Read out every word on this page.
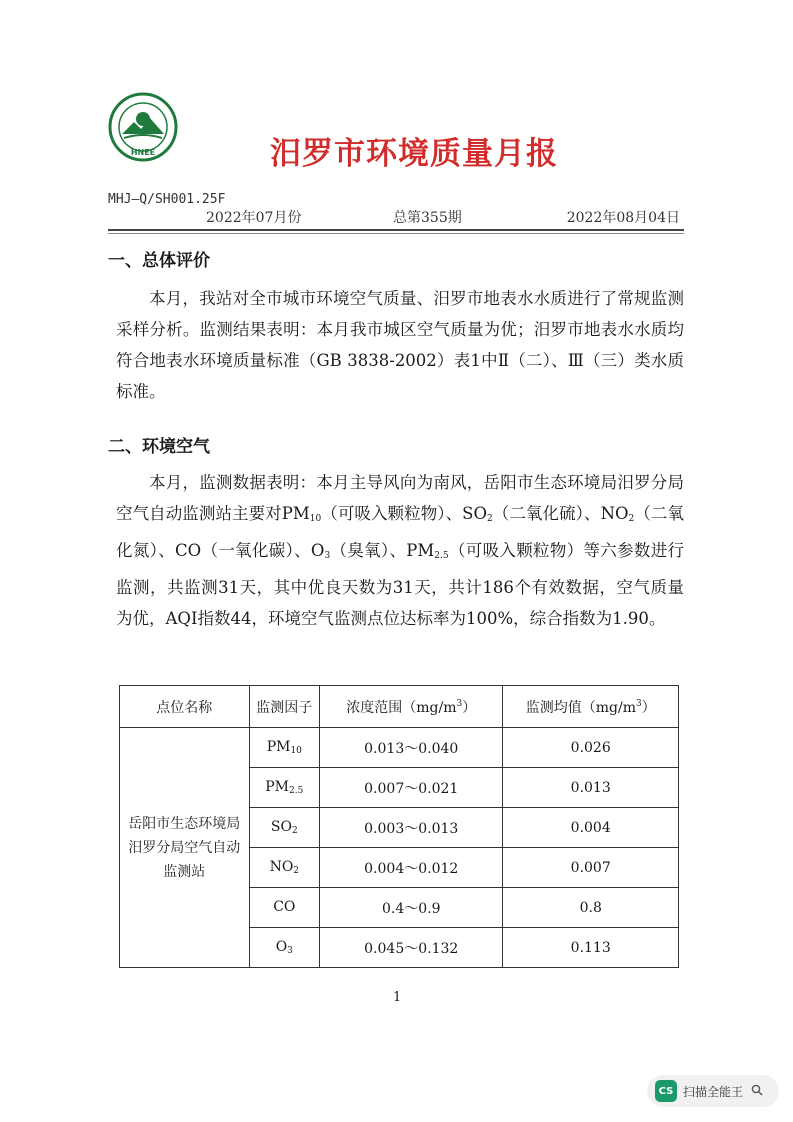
HNEE	汨罗市环境质量月报
MHJ—Q/SH001.25F
2022年07月份	总第355期	2022年08月04日
一、总体评价

本月，我站对全市城市环境空气质量、汨罗市地表水水质进行了常规监测采样分析。监测结果表明：本月我市城区空气质量为优；汨罗市地表水水质均符合地表水环境质量标准（GB 3838-2002）表1中Ⅱ（二）、Ⅲ（三）类水质标准。

二、环境空气

本月，监测数据表明：本月主导风向为南风，岳阳市生态环境局汨罗分局空气自动监测站主要对$PM_{10}$（可吸入颗粒物）、$SO_2$（二氧化硫）、$NO_2$（二氧化氮）、CO（一氧化碳）、$O_3$（臭氧）、$PM_{2.5}$（可吸入颗粒物）等六参数进行监测，共监测31天，其中优良天数为31天，共计186个有效数据，空气质量为优，AQI指数44，环境空气监测点位达标率为100%，综合指数为1.90。

点位名称	监测因子	浓度范围$(mg/m^3)$	监测均值$(mg/m^3)$
岳阳市生态环境局汨罗分局空气自动监测站	$PM_{10}$	0.013～0.040	0.026
	$PM_{2.5}$	0.007～0.021	0.013
	$SO_2$	0.003～0.013	0.004
	$NO_2$	0.004～0.012	0.007
	CO	0.4～0.9	0.8
	$O_3$	0.045～0.132	0.113
1
CS 扫描全能王
